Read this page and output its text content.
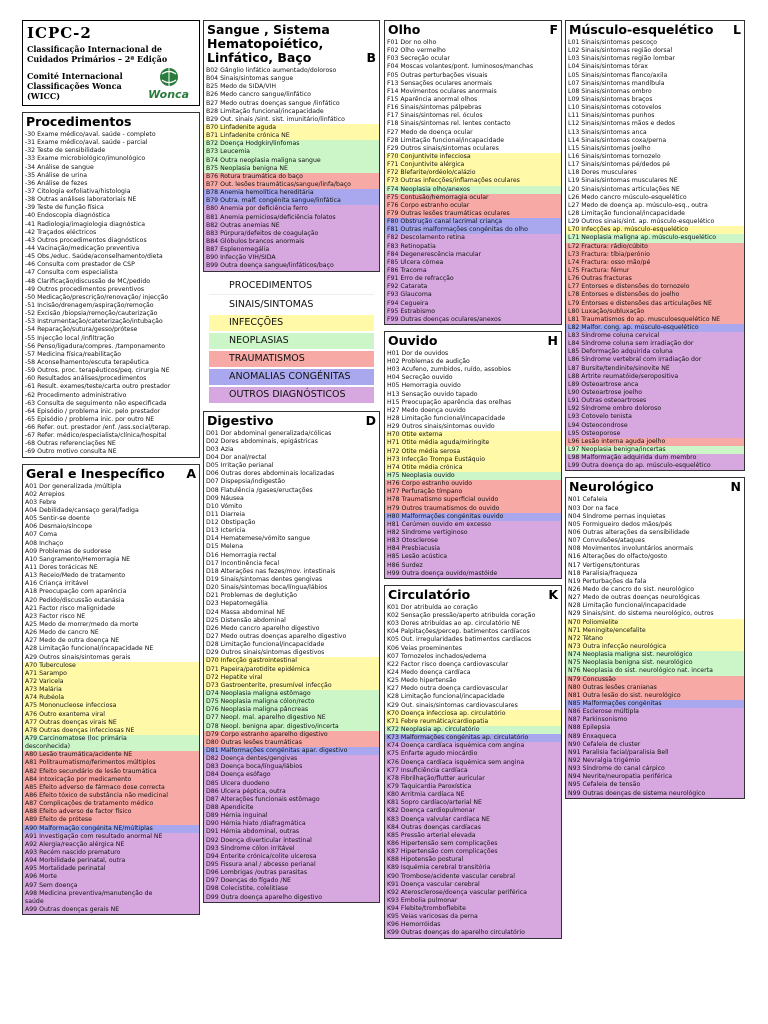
ICPC-2
Classificação Internacional de Cuidados Primários – 2ª Edição
Comité Internacional Classificações Wonca (WICC)	Wonca
Procedimentos
-30 Exame médico/aval. saúde - completo
-31 Exame médico/aval. saúde - parcial
-32 Teste de sensibilidade
-33 Exame microbiológico/imunológico
-34 Análise de sangue
-35 Análise de urina
-36 Análise de fezes
-37 Citologia exfoliativa/histologia
-38 Outras análises laboratoriais NE
-39 Teste de função física
-40 Endoscopia diagnóstica
-41 Radiologia/imagiologia diagnóstica
-42 Traçados eléctricos
-43 Outros procedimentos diagnósticos
-44 Vacinação/medicação preventiva
-45 Obs./educ. Saúde/aconselhamento/dieta
-46 Consulta com prestador de CSP
-47 Consulta com especialista
-48 Clarificação/discussão de MC/pedido
-49 Outros procedimentos preventivos
-50 Medicação/prescrição/renovação/ injecção
-51 Incisão/drenagem/aspiração/remoção
-52 Excisão /biopsia/remoção/cauterização
-53 Instrumentação/cateterização/intubação
-54 Reparação/sutura/gesso/prótese
-55 Injecção local /infiltração
-56 Penso/ligadura/compres. /tamponamento
-57 Medicina física/reabilitação
-58 Aconselhamento/escuta terapêutica
-59 Outros. proc. terapêuticos/peq. cirurgia NE
-60 Resultados análises/procedimentos
-61 Result. exames/teste/carta outro prestador
-62 Procedimento administrativo
-63 Consulta de seguimento não especificada
-64 Episódio / problema inic. pelo prestador
-65 Episódio / problema inic. por outro NE
-66 Refer. out. prestador /enf. /ass.social/terap.
-67 Refer. médico/especialista/clínica/hospital
-68 Outras referenciações NE
-69 Outro motivo consulta NE
Geral e Inespecífico A
A01 Dor generalizada /múltipla
A02 Arrepios
A03 Febre
A04 Debilidade/cansaço geral/fadiga
A05 Sentir-se doente
A06 Desmaio/síncope
A07 Coma
A08 Inchaço
A09 Problemas de sudorese
A10 Sangramento/Hemorragia NE
A11 Dores torácicas NE
A13 Receio/Medo de tratamento
A16 Criança irritável
A18 Preocupação com aparência
A20 Pedido/discussão eutanásia
A21 Factor risco malignidade
A23 Factor risco NE
A25 Medo de morrer/medo da morte
A26 Medo de cancro NE
A27 Medo de outra doença NE
A28 Limitação funcional/incapacidade NE
A29 Outros sinais/sintomas gerais
A70 Tuberculose
A71 Sarampo
A72 Varicela
A73 Malária
A74 Rubéola
A75 Mononucleose infecciosa
A76 Outro exantema viral
A77 Outras doenças virais NE
A78 Outras doenças infecciosas NE
A79 Carcinomatose (loc primária
desconhecida)
A80 Lesão traumática/acidente NE
A81 Politraumatismo/ferimentos múltiplos
A82 Efeito secundário de lesão traumática
A84 Intoxicação por medicamento
A85 Efeito adverso de fármaco dose correcta
A86 Efeito tóxico de substância não medicinal
A87 Complicações de tratamento médico
A88 Efeito adverso de factor físico
A89 Efeito de prótese
A90 Malformação congénita NE/múltiplas
A91 Investigação com resultado anormal NE
A92 Alergia/reacção alérgica NE
A93 Recém nascido prematuro
A94 Morbilidade perinatal, outra
A95 Mortalidade perinatal
A96 Morte
A97 Sem doença
A98 Medicina preventiva/manutenção de
saúde
A99 Outras doenças gerais NE
Sangue , Sistema Hematopoiético, Linfático, Baço	B
B02 Gânglio linfático aumentado/doloroso
B04 Sinais/sintomas sangue
B25 Medo de SIDA/VIH
B26 Medo cancro sangue/linfático
B27 Medo outras doenças sangue /linfático
B28 Limitação funcional/incapacidade
B29 Out. sinais /sint. sist. imunitário/linfático
B70 Linfadenite aguda
B71 Linfadenite crónica NE
B72 Doença Hodgkin/linfomas
B73 Leucemia
B74 Outra neoplasia maligna sangue
B75 Neoplasia benigna NE
B76 Rotura traumática do baço
B77 Out. lesões traumáticas/sangue/linfa/baço
B78 Anemia hemolítica hereditária
B79 Outra. malf. congénita sangue/linfática
B80 Anemia por deficiência ferro
B81 Anemia perniciosa/deficiência folatos
B82 Outras anemias NE
B83 Púrpura/defeitos de coagulação
B84 Glóbulos brancos anormais
B87 Esplenomegália
B90 Infecção VIH/SIDA
B99 Outra doença sangue/linfáticos/baço
PROCEDIMENTOS
SINAIS/SINTOMAS
INFECÇÕES
NEOPLASIAS
TRAUMATISMOS
ANOMALIAS CONGÉNITAS
OUTROS DIAGNÓSTICOS
Digestivo	D
D01 Dor abdominal generalizada/cólicas
D02 Dores abdominais, epigástricas
D03 Azia
D04 Dor anal/rectal
D05 Irritação perianal
D06 Outras dores abdominais localizadas
D07 Dispepsia/indigestão
D08 Flatulência /gases/eructações
D09 Náusea
D10 Vómito
D11 Diarreia
D12 Obstipação
D13 Icterícia
D14 Hematemese/vómito sangue
D15 Melena
D16 Hemorragia rectal
D17 Incontinência fecal
D18 Alterações nas fezes/mov. intestinais
D19 Sinais/sintomas dentes gengivas
D20 Sinais/sintomas boca/língua/lábios
D21 Problemas de deglutição
D23 Hepatomegália
D24 Massa abdominal NE
D25 Distensão abdominal
D26 Medo cancro aparelho digestivo
D27 Medo outras doenças aparelho digestivo
D28 Limitação funcional/incapacidade
D29 Outros sinais/sintomas digestivos
D70 Infecção gastrointestinal
D71 Papeira/parotidite epidémica
D72 Hepatite viral
D73 Gastroenterite, presumível infecção
D74 Neoplasia maligna estômago
D75 Neoplasia maligna cólon/recto
D76 Neoplasia maligna pâncreas
D77 Neopl. mal. aparelho digestivo NE
D78 Neopl. benigna apar. digestivo/incerta
D79 Corpo estranho aparelho digestivo
D80 Outras lesões traumáticas
D81 Malformações congénitas apar. digestivo
D82 Doença dentes/gengivas
D83 Doença boca/língua/lábios
D84 Doença esófago
D85 Úlcera duodeno
D86 Úlcera péptica, outra
D87 Alterações funcionais estômago
D88 Apendicite
D89 Hérnia inguinal
D90 Hérnia hiato /diafragmática
D91 Hérnia abdominal, outras
D92 Doença diverticular intestinal
D93 Síndrome cólon irritável
D94 Enterite crónica/colite ulcerosa
D95 Fissura anal / abcesso perianal
D96 Lombrigas /outras parasitas
D97 Doenças do fígado /NE
D98 Colecistite, colelitíase
D99 Outra doença aparelho digestivo
Olho	F
F01 Dor no olho
F02 Olho vermelho
F03 Secreção ocular
F04 Moscas volantes/pont. luminosos/manchas
F05 Outras perturbações visuais
F13 Sensações oculares anormais
F14 Movimentos oculares anormais
F15 Aparência anormal olhos
F16 Sinais/sintomas pálpebras
F17 Sinais/sintomas rel. óculos
F18 Sinais/sintomas rel. lentes contacto
F27 Medo de doença ocular
F28 Limitação funcional/incapacidade
F29 Outros sinais/sintomas oculares
F70 Conjuntivite infecciosa
F71 Conjuntivite alérgica
F72 Blefarite/ordéolo/calázio
F73 Outras infecções/inflamações oculares
F74 Neoplasia olho/anexos
F75 Contusão/hemorragia ocular
F76 Corpo estranho ocular
F79 Outras lesões traumáticas oculares
F80 Obstrução canal lacrimal criança
F81 Outras malformações congénitas do olho
F82 Descolamento retina
F83 Retinopatia
F84 Degenerescência macular
F85 Úlcera córnea
F86 Tracoma
F91 Erro de refracção
F92 Catarata
F93 Glaucoma
F94 Cegueira
F95 Estrabismo
F99 Outras doenças oculares/anexos
Ouvido	H
H01 Dor de ouvidos
H02 Problemas de audição
H03 Acufeno, zumbidos, ruído, assobios
H04 Secreção ouvido
H05 Hemorragia ouvido
H13 Sensação ouvido tapado
H15 Preocupação aparência das orelhas
H27 Medo doença ouvido
H28 Limitação funcional/incapacidade
H29 Outros sinais/sintomas ouvido
H70 Otite externa
H71 Otite média aguda/miringite
H72 Otite média serosa
H73 Infecção Trompa Eustáquio
H74 Otite média crónica
H75 Neoplasia ouvido
H76 Corpo estranho ouvido
H77 Perfuração tímpano
H78 Traumatismo superficial ouvido
H79 Outros traumatismos do ouvido
H80 Malformações congénitas ouvido
H81 Cerúmen ouvido em excesso
H82 Síndrome vertiginoso
H83 Otosclerose
H84 Presbiacusia
H85 Lesão acústica
H86 Surdez
H99 Outra doença ouvido/mastóide
Circulatório	K
K01 Dor atribuída ao coração
K02 Sensação pressão/aperto atribuída coração
K03 Dores atribuídas ao ap. circulatório NE
K04 Palpitações/percep. batimentos cardíacos
K05 Out. irregularidades batimentos cardíacos
K06 Veias proeminentes
K07 Tornozelos inchados/edema
K22 Factor risco doença cardiovascular
K24 Medo doença cardíaca
K25 Medo hipertensão
K27 Medo outra doença cardiovascular
K28 Limitação funcional/incapacidade
K29 Out. sinais/sintomas cardiovasculares
K70 Doença infecciosa ap. circulatório
K71 Febre reumática/cardiopatia
K72 Neoplasia ap. circulatório
K73 Malformações congénitas ap. circulatório
K74 Doença cardíaca isquémica com angina
K75 Enfarte agudo miocárdio
K76 Doença cardíaca isquémica sem angina
K77 Insuficiência cardíaca
K78 Fibrilhação/flutter auricular
K79 Taquicardia Paroxística
K80 Arritmia cardíaca NE
K81 Sopro cardíaco/arterial NE
K82 Doença cardiopulmonar
K83 Doença valvular cardíaca NE
K84 Outras doenças cardíacas
K85 Pressão arterial elevada
K86 Hipertensão sem complicações
K87 Hipertensão com complicações
K88 Hipotensão postural
K89 Isquémia cerebral transitória
K90 Trombose/acidente vascular cerebral
K91 Doença vascular cerebral
K92 Aterosclerose/doença vascular periférica
K93 Embolia pulmonar
K94 Flebite/tromboflebite
K95 Veias varicosas da perna
K96 Hemorróidas
K99 Outras doenças do aparelho circulatório
Músculo-esquelético L
L01 Sinais/sintomas pescoço
L02 Sinais/sintomas região dorsal
L03 Sinais/sintomas região lombar
L04 Sinais/sintomas tórax
L05 Sinais/sintomas flanco/axila
L07 Sinais/sintomas mandíbula
L08 Sinais/sintomas ombro
L09 Sinais/sintomas braços
L10 Sinais/sintomas cotovelos
L11 Sinais/sintomas punhos
L12 Sinais/sintomas mãos e dedos
L13 Sinais/sintomas anca
L14 Sinais/sintomas coxa/perna
L15 Sinais/sintomas joelho
L16 Sinais/sintomas tornozelo
L17 Sinais/sintomas pé/dedos pé
L18 Dores musculares
L19 Sinais/sintomas musculares NE
L20 Sinais/sintomas articulações NE
L26 Medo cancro músculo-esquelético
L27 Medo de doença ap. músculo-esq., outra
L28 Limitação funcional/incapacidade
L29 Outros sinais/sint. ap. músculo-esquelético
L70 Infecções ap. músculo-esquelético
L71 Neoplasia maligna ap. músculo-esquelético
L72 Fractura: rádio/cúbito
L73 Fractura: tíbia/perónio
L74 Fractura: osso mão/pé
L75 Fractura: fémur
L76 Outras fracturas
L77 Entorses e distensões do tornozelo
L78 Entorses e distensões do joelho
L79 Entorses e distensões das articulações NE
L80 Luxação/subluxação
L81 Traumatismos do ap. musculoesquelético NE
L82 Malfor. cong. ap. músculo-esquelético
L83 Síndrome coluna cervical
L84 Síndrome coluna sem irradiação dor
L85 Deformação adquirida coluna
L86 Síndrome vertebral com irradiação dor
L87 Bursite/tendinite/sinovite NE
L88 Artrite reumatóide/seropositiva
L89 Osteoartrose anca
L90 Osteoartrose joelho
L91 Outras osteoartroses
L92 Síndrome ombro doloroso
L93 Cotovelo tenista
L94 Osteocondrose
L95 Osteoporose
L96 Lesão interna aguda joelho
L97 Neoplasia benigna/incertas
L98 Malformação adquirida dum membro
L99 Outra doença do ap. músculo-esquelético
Neurológico	N
N01 Cefaleia
N03 Dor na face
N04 Síndrome pernas inquietas
N05 Formigueiro dedos mãos/pés
N06 Outras alterações da sensibilidade
N07 Convulsões/ataques
N08 Movimentos involuntários anormais
N16 Alterações do olfacto/gosto
N17 Vertigens/tonturas
N18 Paralisia/fraqueza
N19 Perturbações da fala
N26 Medo de cancro do sist. neurológico
N27 Medo de outras doenças neurológicas
N28 Limitação funcional/incapacidade
N29 Sinais/sint. do sistema neurológico, outros
N70 Poliomielite
N71 Meningite/encefalite
N72 Tétano
N73 Outra infecção neurológica
N74 Neoplasia maligna sist. neurológico
N75 Neoplasia benigna sist. neurológico
N76 Neoplasia do sist. neurológico nat. incerta
N79 Concussão
N80 Outras lesões cranianas
N81 Outra lesão do sist. neurológico
N85 Malformações congénitas
N86 Esclerose múltipla
N87 Parkinsonismo
N88 Epilepsia
N89 Enxaqueca
N90 Cefaleia de cluster
N91 Paralisia facial/paralisia Bell
N92 Nevralgia trigémio
N93 Síndrome do canal cárpico
N94 Nevrite/neuropatia periférica
N95 Cefaleia de tensão
N99 Outras doenças de sistema neurológico
